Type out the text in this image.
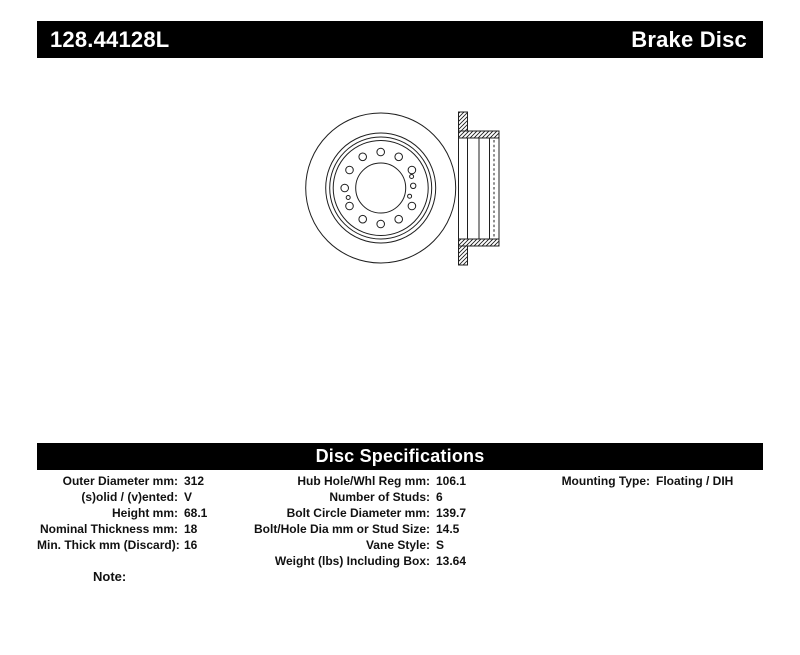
128.44128L	Brake Disc
Disc Specifications
Outer Diameter mm: 312
(s)olid / (v)ented: V
Height mm: 68.1
Nominal Thickness mm: 18
Min. Thick mm (Discard): 16
Hub Hole/Whl Reg mm: 106.1
Number of Studs: 6
Bolt Circle Diameter mm: 139.7
Bolt/Hole Dia mm or Stud Size: 14.5
Vane Style: S
Weight (lbs) Including Box: 13.64
Mounting Type: Floating / DIH
Note:
